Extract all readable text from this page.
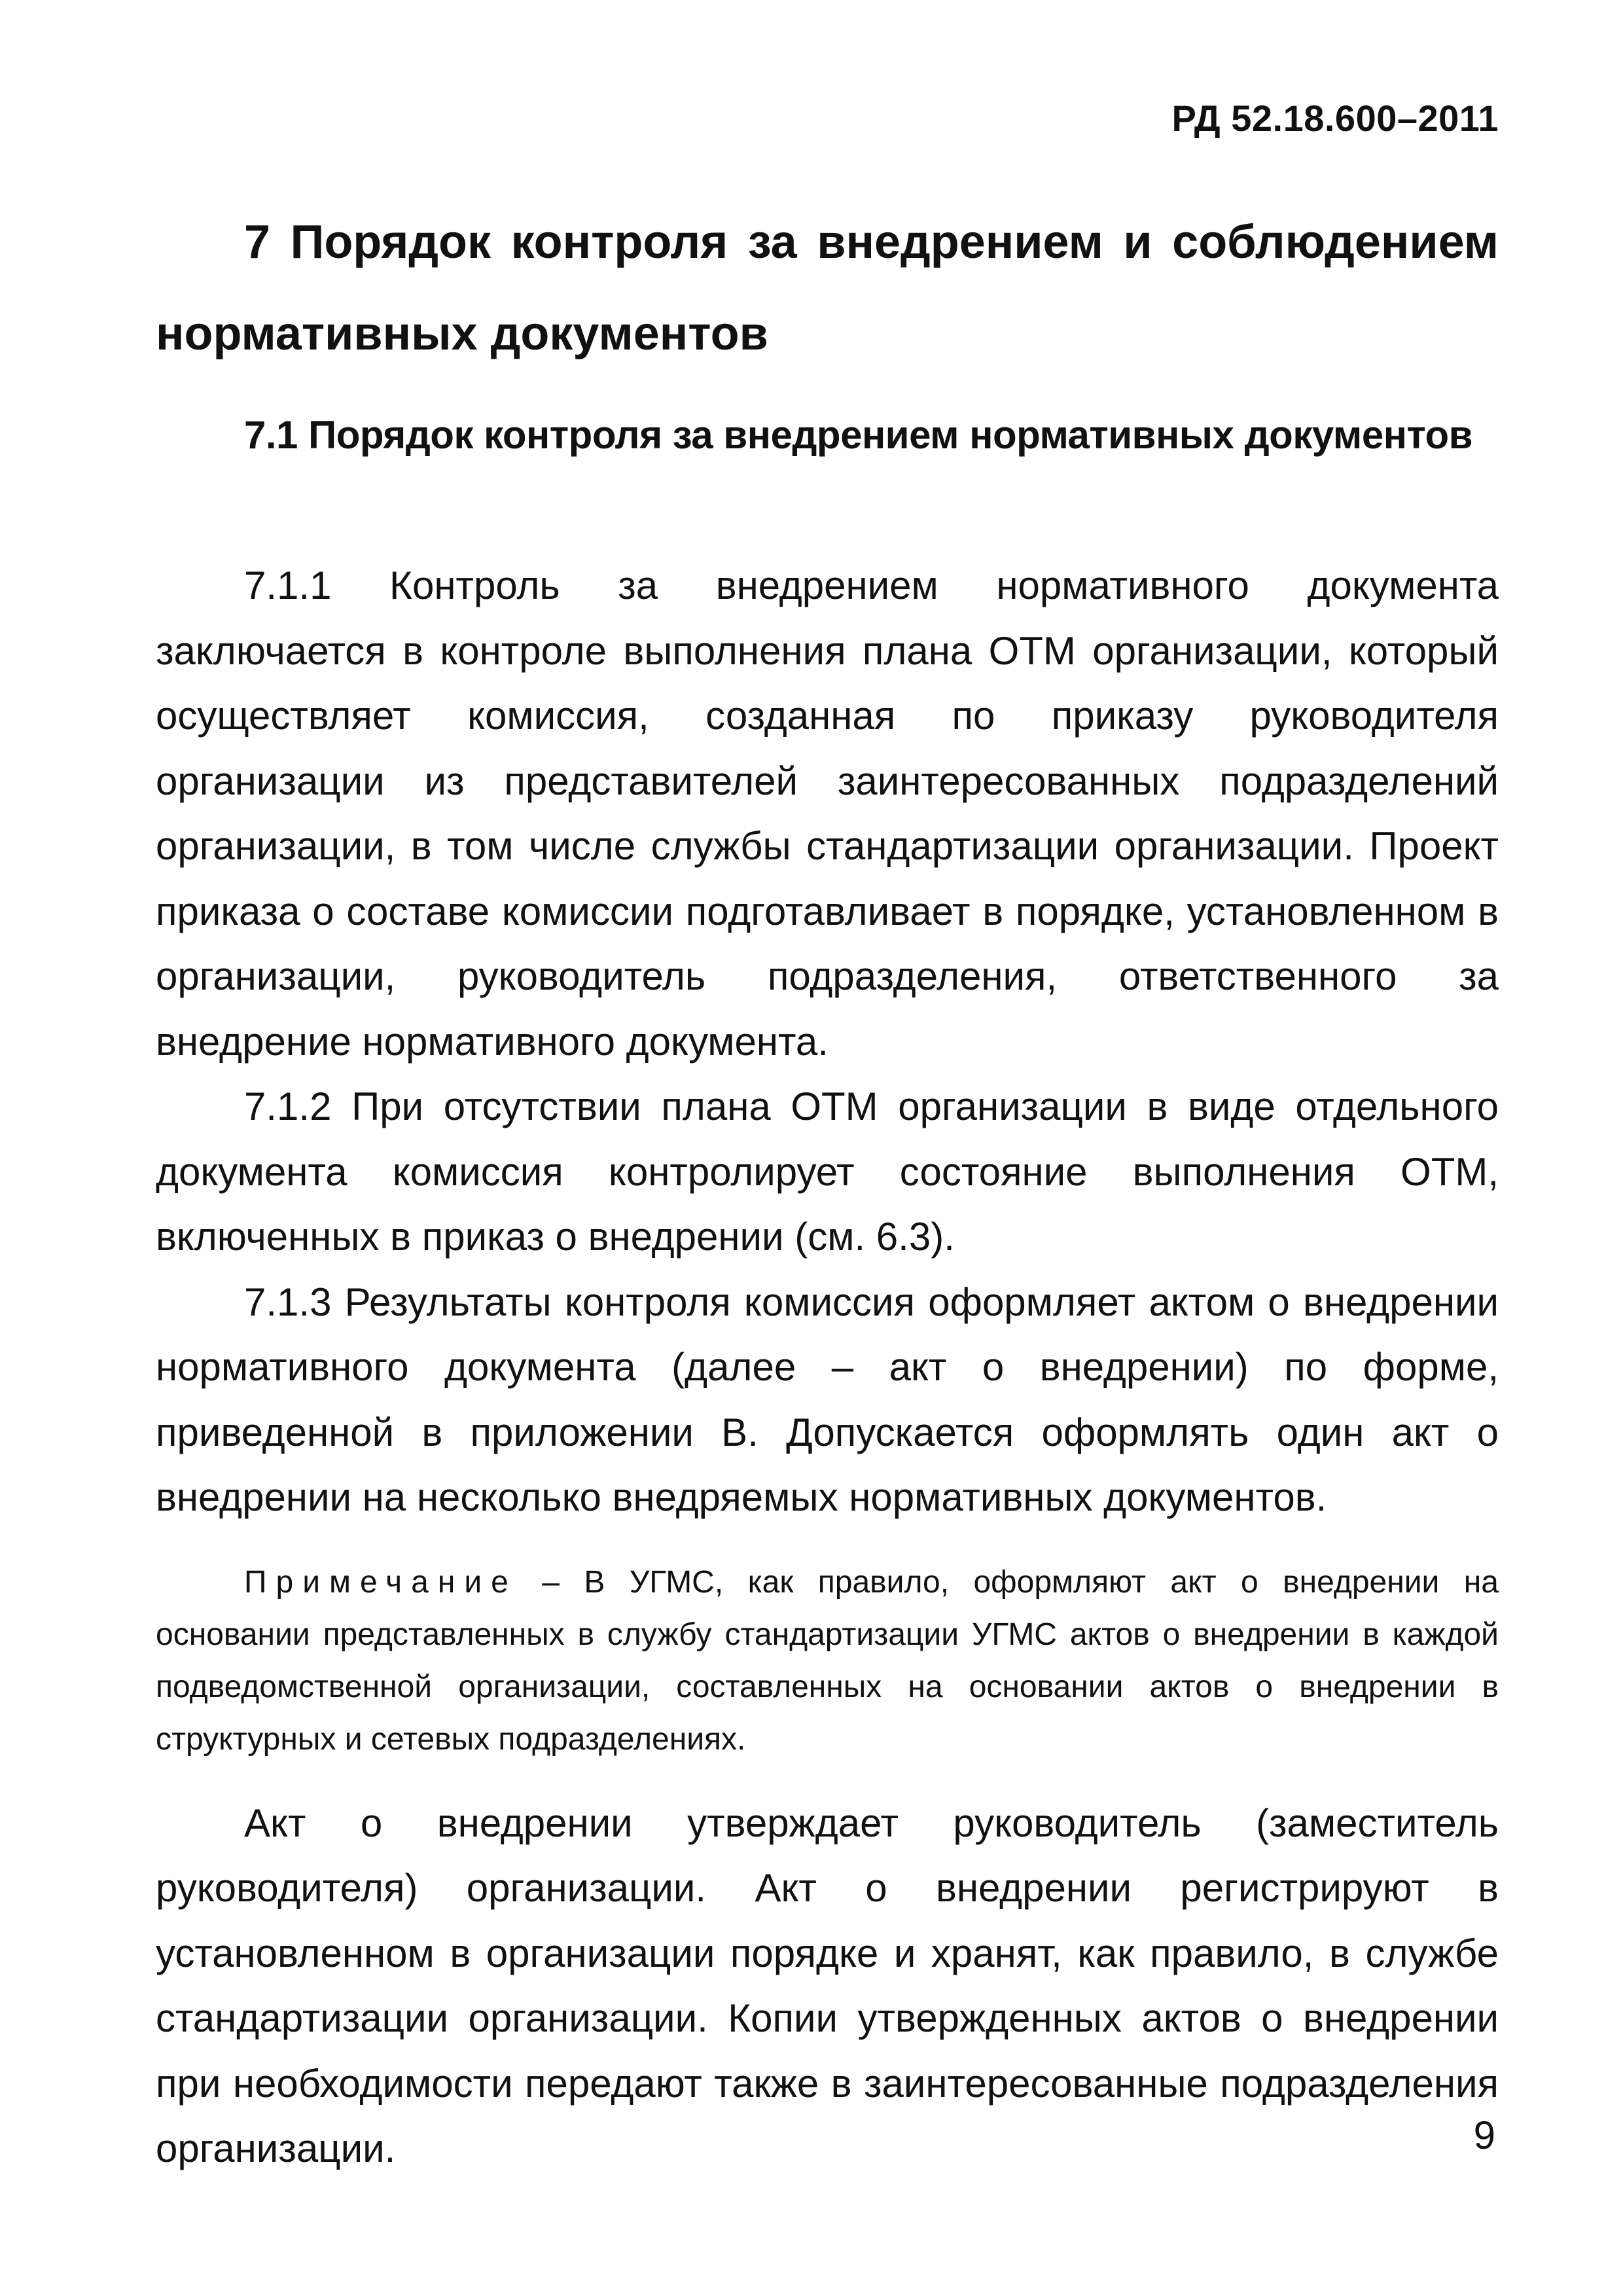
РД 52.18.600–2011
7 Порядок контроля за внедрением и соблюдением нормативных документов
7.1 Порядок контроля за внедрением нормативных документов

7.1.1 Контроль за внедрением нормативного документа заключается в контроле выполнения плана ОТМ организации, который осуществляет комиссия, созданная по приказу руководителя организации из представителей заинтересованных подразделений организации, в том числе службы стандартизации организации. Проект приказа о составе комиссии подготавливает в порядке, установленном в организации, руководитель подразделения, ответственного за внедрение нормативного документа.

7.1.2 При отсутствии плана ОТМ организации в виде отдельного документа комиссия контролирует состояние выполнения ОТМ, включенных в приказ о внедрении (см. 6.3).

7.1.3 Результаты контроля комиссия оформляет актом о внедрении нормативного документа (далее – акт о внедрении) по форме, приведенной в приложении В. Допускается оформлять один акт о внедрении на несколько внедряемых нормативных документов.

Примечание – В УГМС, как правило, оформляют акт о внедрении на основании представленных в службу стандартизации УГМС актов о внедрении в каждой подведомственной организации, составленных на основании актов о внедрении в структурных и сетевых подразделениях.

Акт о внедрении утверждает руководитель (заместитель руководителя) организации. Акт о внедрении регистрируют в установленном в организации порядке и хранят, как правило, в службе стандартизации организации. Копии утвержденных актов о внедрении при необходимости передают также в заинтересованные подразделения организации.	9
